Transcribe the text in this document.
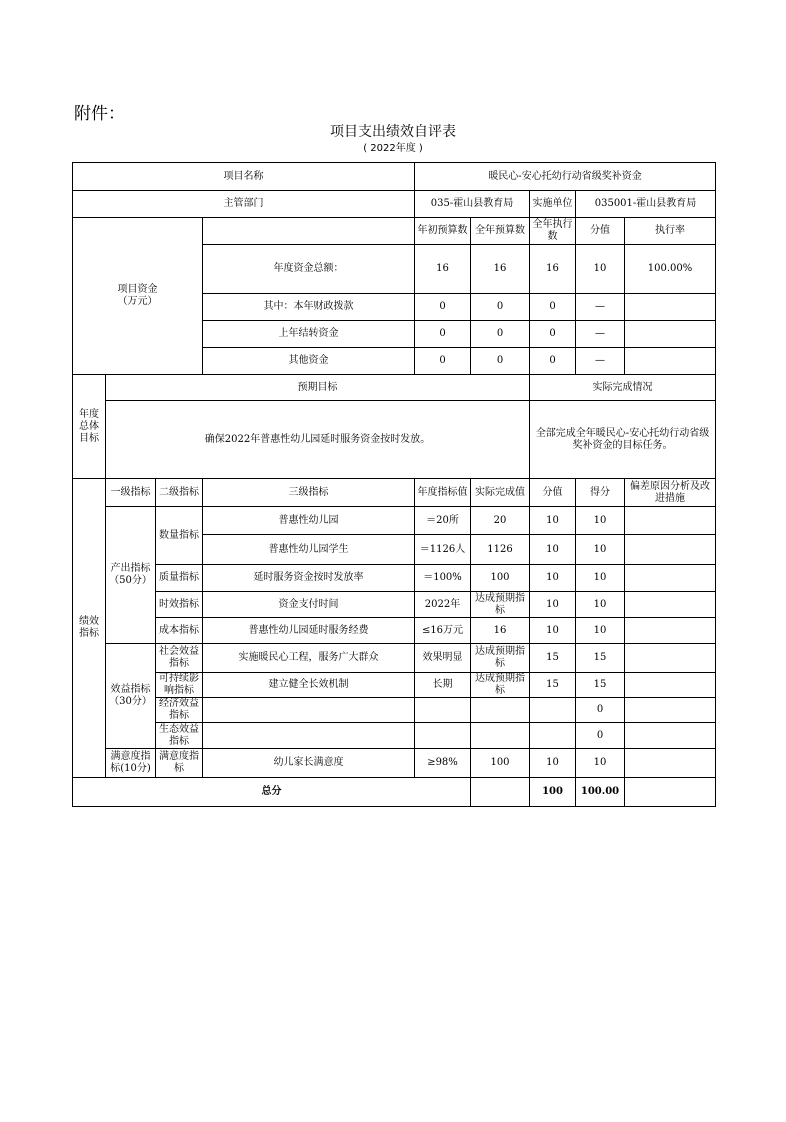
附件：
项目支出绩效自评表
( 2022年度 )
项目名称				暖民心-安心托幼行动省级奖补资金					
主管部门				035-霍山县教育局		实施单位	035001-霍山县教育局		
项目资金
（万元）				年初预算数	全年预算数	全年执行数	分值	执行率	
			年度资金总额：	16	16	16	10	100.00%	
			其中：本年财政拨款	0	0	0	—		
			上年结转资金	0	0	0	—		
			其他资金	0	0	0	—		
年度总体目标	预期目标					实际完成情况			
	确保2022年普惠性幼儿园延时服务资金按时发放。					全部完成全年暖民心-安心托幼行动省级奖补资金的目标任务。			
绩效指标	一级指标	二级指标	三级指标	年度指标值	实际完成值	分值	得分	偏差原因分析及改进措施	
	产出指标
（50分）	数量指标	普惠性幼儿园	＝20所	20	10	10		
			普惠性幼儿园学生	＝1126人	1126	10	10		
		质量指标	延时服务资金按时发放率	＝100%	100	10	10		
		时效指标	资金支付时间	2022年	达成预期指标	10	10		
		成本指标	普惠性幼儿园延时服务经费	≤16万元	16	10	10		
	效益指标
（30分）	社会效益指标	实施暖民心工程，服务广大群众	效果明显	达成预期指标	15	15		
		可持续影响指标	建立健全长效机制	长期	达成预期指标	15	15		
		经济效益指标					0		
		生态效益指标					0		
	满意度指标(10分)	满意度指标	幼儿家长满意度	≥98%	100	10	10		
总分						100	100.00		
